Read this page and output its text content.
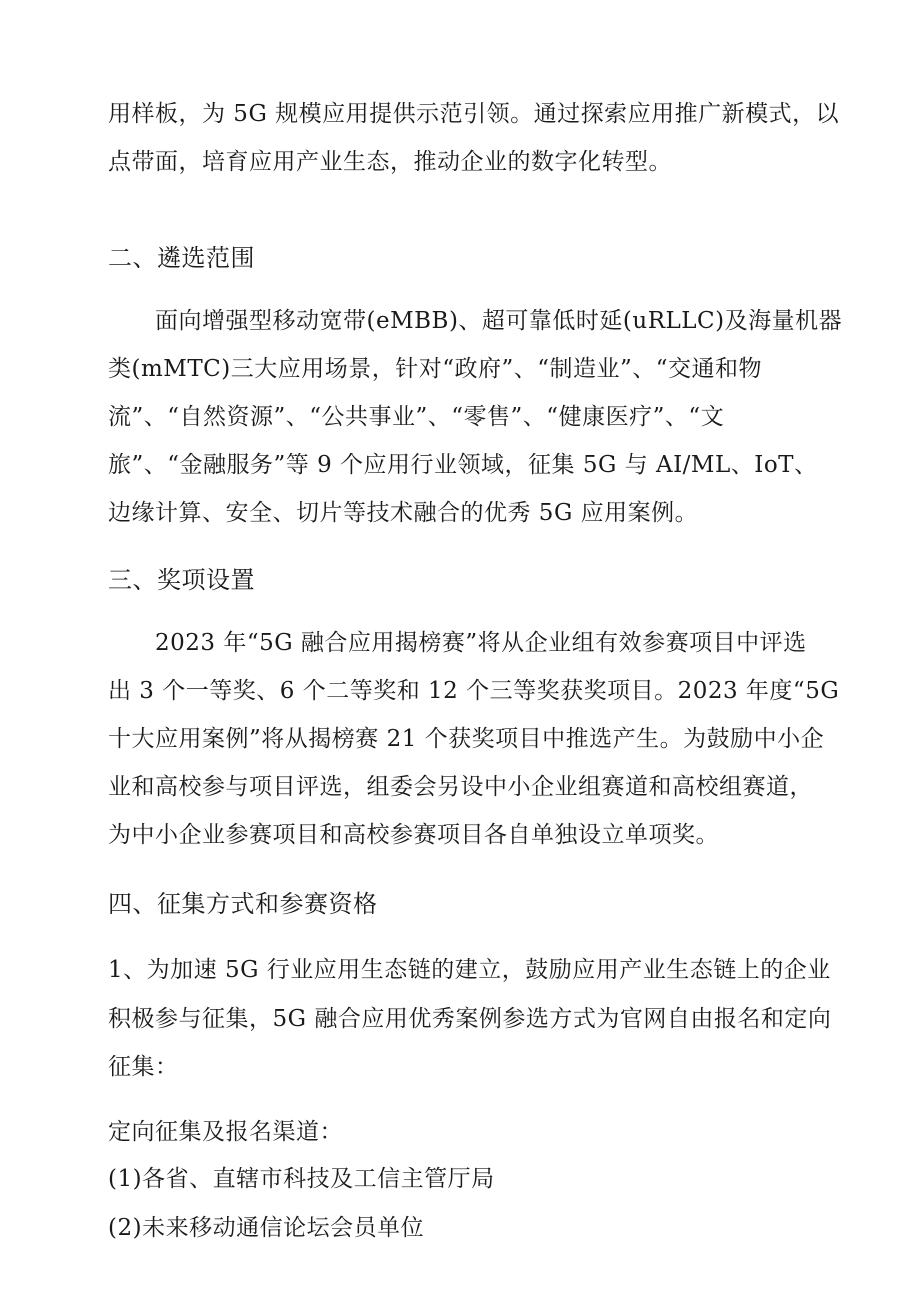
用样板，为 5G 规模应用提供示范引领。通过探索应用推广新模式，以
点带面，培育应用产业生态，推动企业的数字化转型。
二、遴选范围
面向增强型移动宽带(eMBB)、超可靠低时延(uRLLC)及海量机器
类(mMTC)三大应用场景，针对“政府”、“制造业”、“交通和物
流”、“自然资源”、“公共事业”、“零售”、“健康医疗”、“文
旅”、“金融服务”等 9 个应用行业领域，征集 5G 与 AI/ML、IoT、
边缘计算、安全、切片等技术融合的优秀 5G 应用案例。
三、奖项设置
2023 年“5G 融合应用揭榜赛”将从企业组有效参赛项目中评选
出 3 个一等奖、6 个二等奖和 12 个三等奖获奖项目。2023 年度“5G
十大应用案例”将从揭榜赛 21 个获奖项目中推选产生。为鼓励中小企
业和高校参与项目评选，组委会另设中小企业组赛道和高校组赛道，
为中小企业参赛项目和高校参赛项目各自单独设立单项奖。
四、征集方式和参赛资格
1、为加速 5G 行业应用生态链的建立，鼓励应用产业生态链上的企业
积极参与征集，5G 融合应用优秀案例参选方式为官网自由报名和定向
征集：
定向征集及报名渠道：
(1)各省、直辖市科技及工信主管厅局
(2)未来移动通信论坛会员单位
